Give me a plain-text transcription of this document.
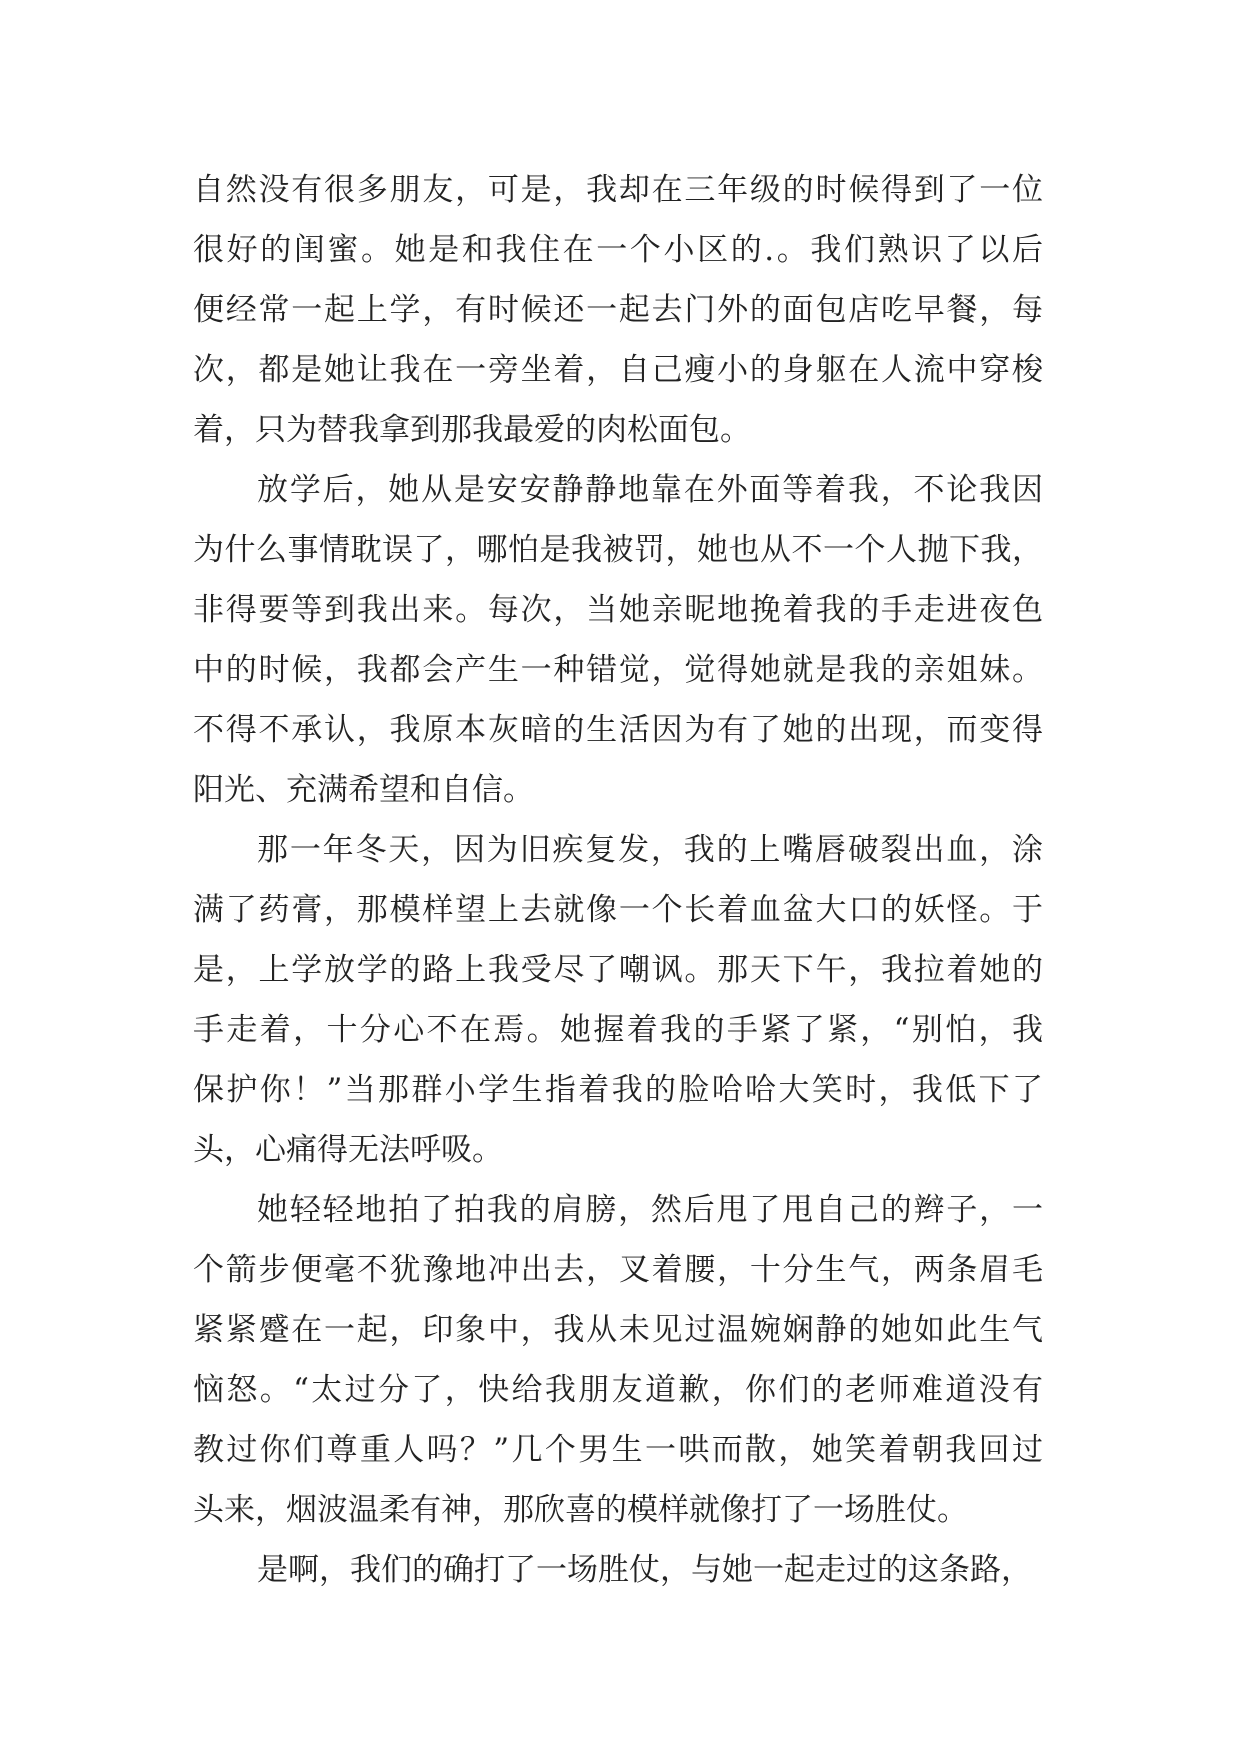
自然没有很多朋友，可是，我却在三年级的时候得到了一位
很好的闺蜜。她是和我住在一个小区的.。我们熟识了以后
便经常一起上学，有时候还一起去门外的面包店吃早餐，每
次，都是她让我在一旁坐着，自己瘦小的身躯在人流中穿梭
着，只为替我拿到那我最爱的肉松面包。
放学后，她从是安安静静地靠在外面等着我，不论我因
为什么事情耽误了，哪怕是我被罚，她也从不一个人抛下我，
非得要等到我出来。每次，当她亲昵地挽着我的手走进夜色
中的时候，我都会产生一种错觉，觉得她就是我的亲姐妹。
不得不承认，我原本灰暗的生活因为有了她的出现，而变得
阳光、充满希望和自信。
那一年冬天，因为旧疾复发，我的上嘴唇破裂出血，涂
满了药膏，那模样望上去就像一个长着血盆大口的妖怪。于
是，上学放学的路上我受尽了嘲讽。那天下午，我拉着她的
手走着，十分心不在焉。她握着我的手紧了紧，“别怕，我
保护你！”当那群小学生指着我的脸哈哈大笑时，我低下了
头，心痛得无法呼吸。
她轻轻地拍了拍我的肩膀，然后甩了甩自己的辫子，一
个箭步便毫不犹豫地冲出去，叉着腰，十分生气，两条眉毛
紧紧蹙在一起，印象中，我从未见过温婉娴静的她如此生气
恼怒。“太过分了，快给我朋友道歉，你们的老师难道没有
教过你们尊重人吗？”几个男生一哄而散，她笑着朝我回过
头来，烟波温柔有神，那欣喜的模样就像打了一场胜仗。
是啊，我们的确打了一场胜仗，与她一起走过的这条路，
